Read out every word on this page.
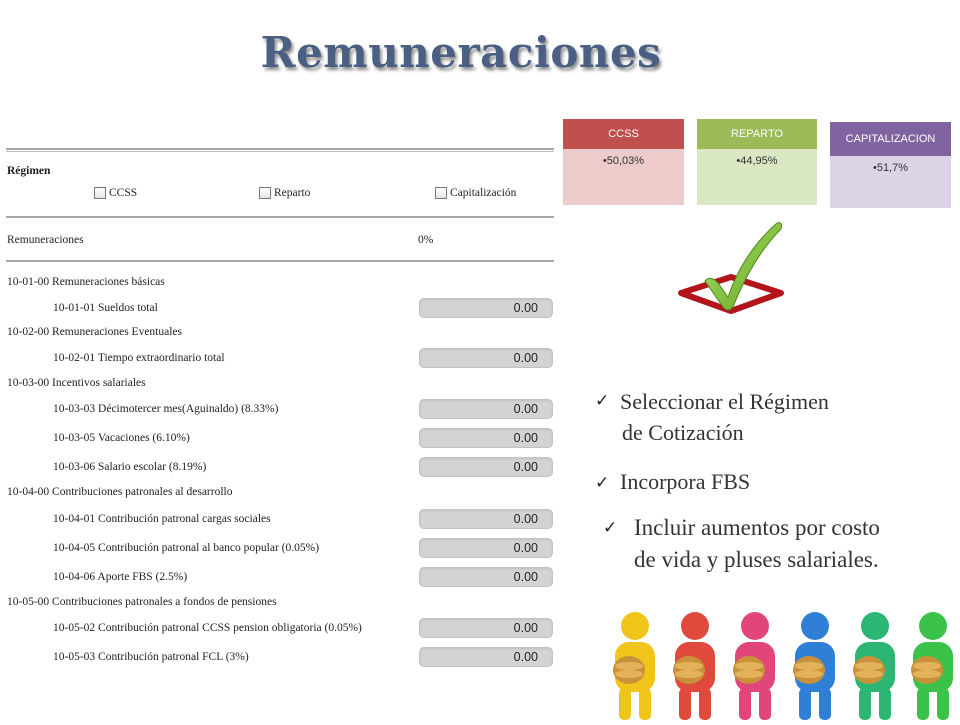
Remuneraciones
Régimen
CCSS	Reparto	Capitalización
Remuneraciones	0%
10-01-00 Remuneraciones básicas
10-01-01 Sueldos total	0.00
10-02-00 Remuneraciones Eventuales
10-02-01 Tiempo extraordinario total	0.00
10-03-00 Incentivos salariales
10-03-03 Décimotercer mes(Aguinaldo) (8.33%)	0.00
10-03-05 Vacaciones (6.10%)	0.00
10-03-06 Salario escolar (8.19%)	0.00
10-04-00 Contribuciones patronales al desarrollo
10-04-01 Contribución patronal cargas sociales	0.00
10-04-05 Contribución patronal al banco popular (0.05%)	0.00
10-04-06 Aporte FBS (2.5%)	0.00
10-05-00 Contribuciones patronales a fondos de pensiones
10-05-02 Contribución patronal CCSS pension obligatoria (0.05%)	0.00
10-05-03 Contribución patronal FCL (3%)	0.00
CCSS
•50,03%
REPARTO
•44,95%
CAPITALIZACION
•51,7%
✓ Seleccionar el Régimen
de Cotización
✓ Incorpora FBS
✓ Incluir aumentos por costo
de vida y pluses salariales.
